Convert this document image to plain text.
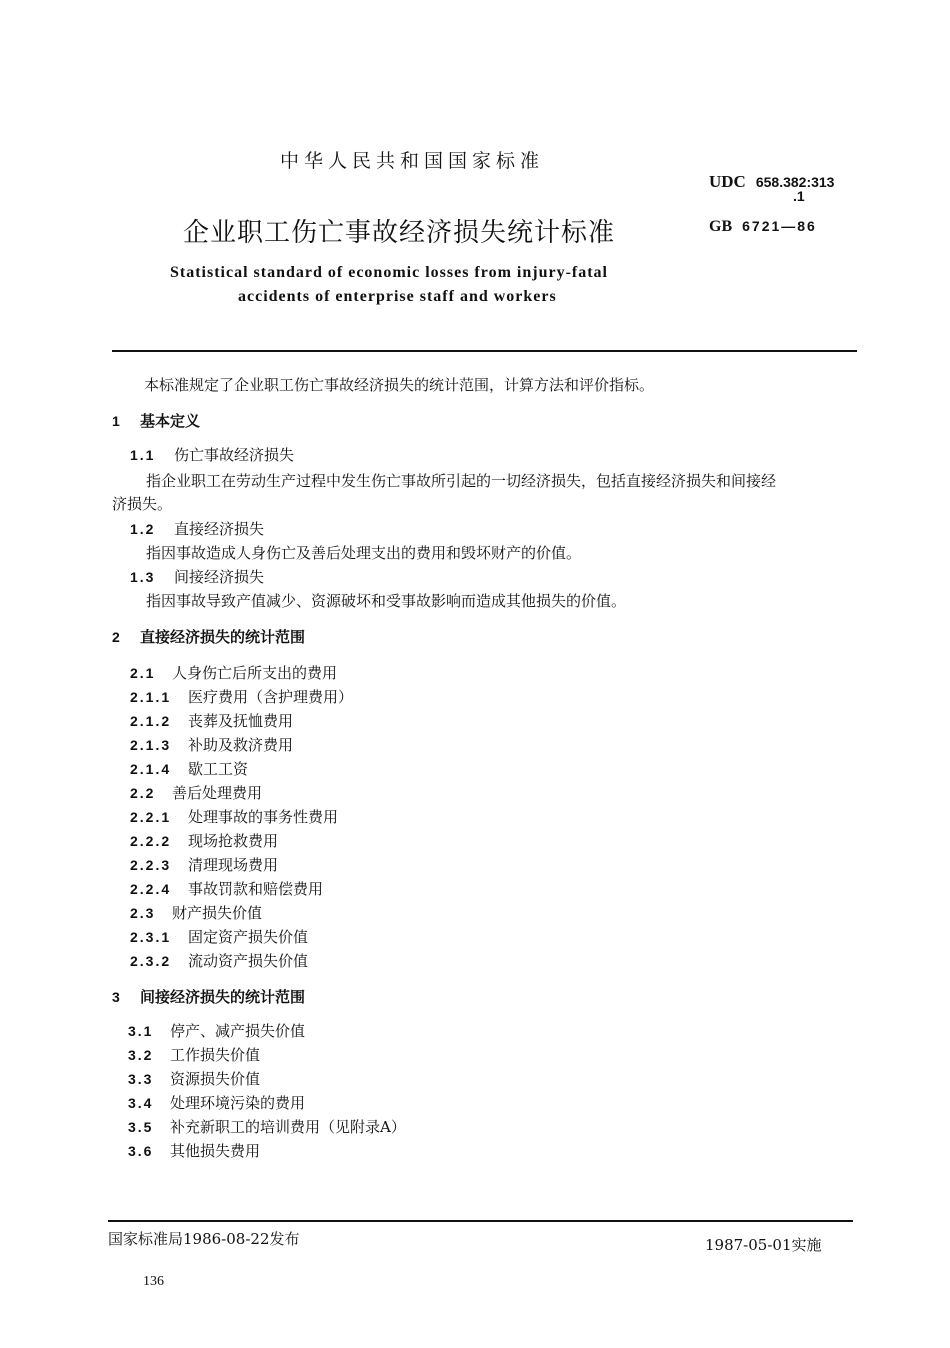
中华人民共和国国家标准
UDC 658.382:313
.1
企业职工伤亡事故经济损失统计标准	GB 6721—86
Statistical standard of economic losses from injury-fatal
accidents of enterprise staff and workers
本标准规定了企业职工伤亡事故经济损失的统计范围，计算方法和评价指标。
1 基本定义
1.1 伤亡事故经济损失
指企业职工在劳动生产过程中发生伤亡事故所引起的一切经济损失，包括直接经济损失和间接经
济损失。
1.2 直接经济损失
指因事故造成人身伤亡及善后处理支出的费用和毁坏财产的价值。
1.3 间接经济损失
指因事故导致产值减少、资源破坏和受事故影响而造成其他损失的价值。
2 直接经济损失的统计范围
2.1 人身伤亡后所支出的费用
2.1.1 医疗费用（含护理费用）
2.1.2 丧葬及抚恤费用
2.1.3 补助及救济费用
2.1.4 歇工工资
2.2 善后处理费用
2.2.1 处理事故的事务性费用
2.2.2 现场抢救费用
2.2.3 清理现场费用
2.2.4 事故罚款和赔偿费用
2.3 财产损失价值
2.3.1 固定资产损失价值
2.3.2 流动资产损失价值
3 间接经济损失的统计范围
3.1 停产、减产损失价值
3.2 工作损失价值
3.3 资源损失价值
3.4 处理环境污染的费用
3.5 补充新职工的培训费用（见附录A）
3.6 其他损失费用
国家标准局1986-08-22发布	1987-05-01实施
136
